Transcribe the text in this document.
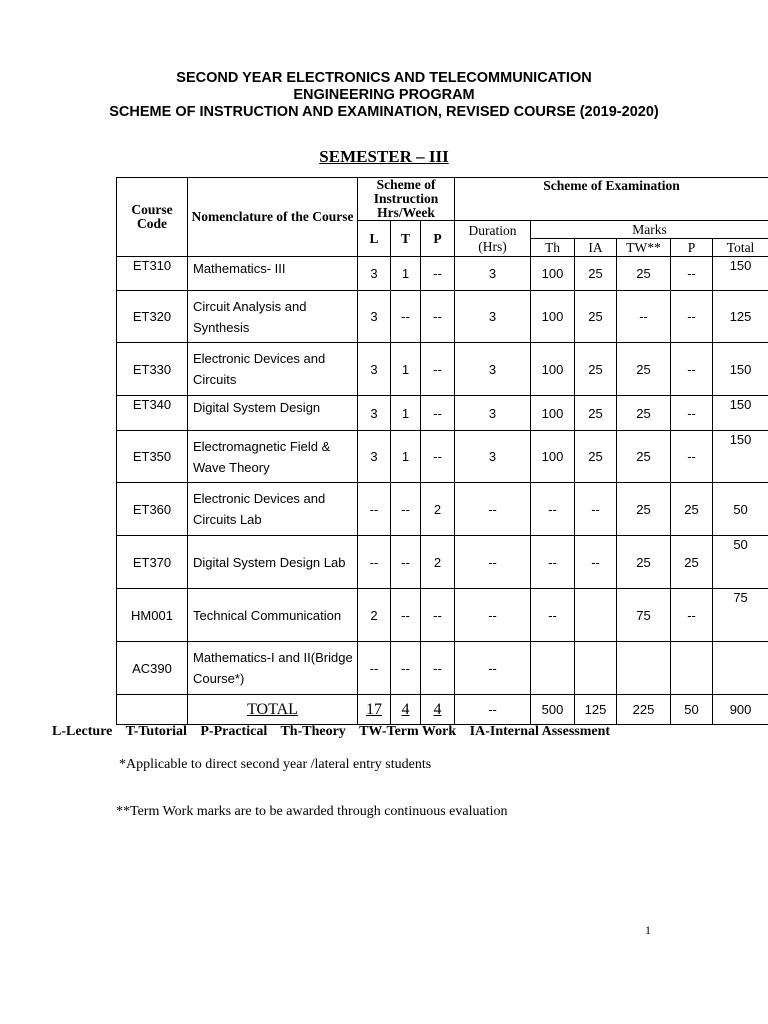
SECOND YEAR ELECTRONICS AND TELECOMMUNICATION
ENGINEERING PROGRAM
SCHEME OF INSTRUCTION AND EXAMINATION, REVISED COURSE (2019-2020)
SEMESTER – III
Course Code	Nomenclature of the Course	Scheme of Instruction Hrs/Week			Scheme of Examination					
		L	T	P	Duration (Hrs)	Marks				
						Th	IA	TW**	P	Total
ET310	Mathematics- III	3	1	--	3	100	25	25	--	150
ET320	Circuit Analysis and Synthesis	3	--	--	3	100	25	--	--	125
ET330	Electronic Devices and Circuits	3	1	--	3	100	25	25	--	150
ET340	Digital System Design	3	1	--	3	100	25	25	--	150
ET350	Electromagnetic Field & Wave Theory	3	1	--	3	100	25	25	--	150
ET360	Electronic Devices and Circuits Lab	--	--	2	--	--	--	25	25	50
ET370	Digital System Design Lab	--	--	2	--	--	--	25	25	50
HM001	Technical Communication	2	--	--	--	--		75	--	75
AC390	Mathematics-I and II(Bridge Course*)	--	--	--	--					
	TOTAL	17	4	4	--	500	125	225	50	900
L-Lecture T-Tutorial P-Practical Th-Theory TW-Term Work IA-Internal Assessment
*Applicable to direct second year /lateral entry students
**Term Work marks are to be awarded through continuous evaluation
1
